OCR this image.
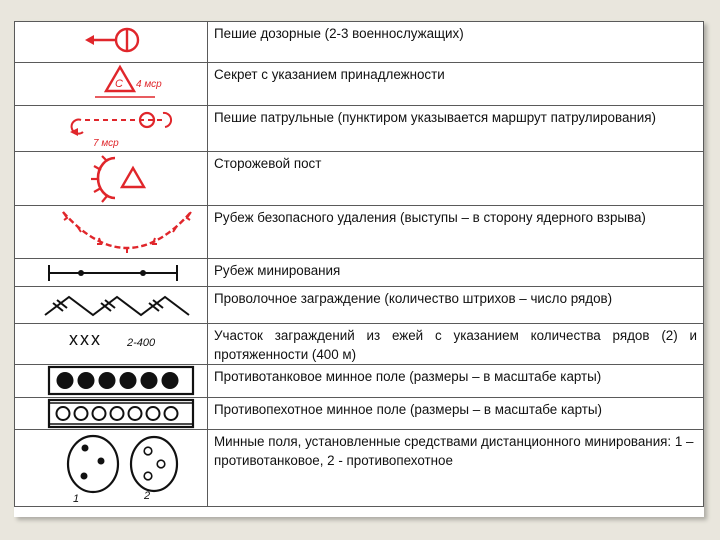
	Пешие дозорные (2-3 военнослужащих)

С 4 мср	Секрет с указанием принадлежности

7 мср	Пешие патрульные (пунктиром указывается маршрут патрулирования)

	Сторожевой пост

	Рубеж безопасного удаления (выступы – в сторону ядерного взрыва)

	Рубеж минирования

	Проволочное заграждение (количество штрихов – число рядов)

ххх 2-400	Участок заграждений из ежей с указанием количества рядов (2) и протяженности (400 м)

	Противотанковое минное поле (размеры – в масштабе карты)

	Противопехотное минное поле (размеры – в масштабе карты)

1 2	Минные поля, установленные средствами дистанционного минирования: 1 – противотанковое, 2 - противопехотное
